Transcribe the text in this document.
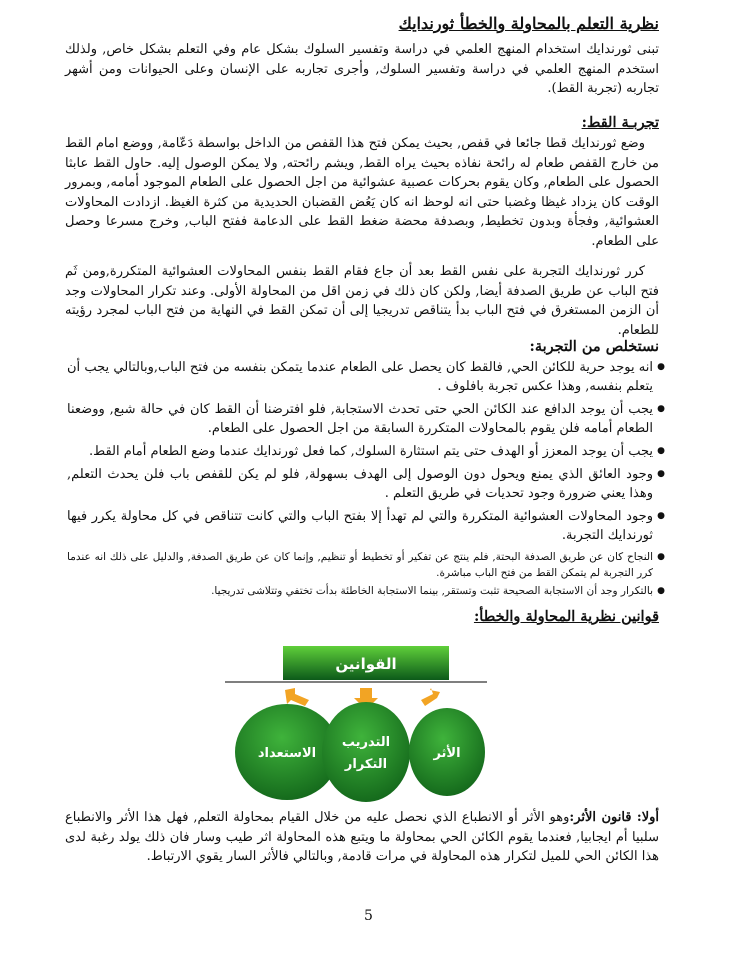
نظرية التعلم بالمحاولة والخطأ ثورندايك

تبنى ثورندايك استخدام المنهج العلمي في دراسة وتفسير السلوك بشكل عام وفي التعلم بشكل خاص, ولذلك استخدم المنهج العلمي في دراسة وتفسير السلوك, وأجرى تجاربه على الإنسان وعلى الحيوانات ومن أشهر تجاربه (تجربة القط).

تجربـة القط:

وضع ثورندايك قطا جائعا في قفص, بحيث يمكن فتح هذا القفص من الداخل بواسطة دَعّامة, ووضع امام القط من خارج القفص طعام له رائحة نفاذه بحيث يراه القط, ويشم رائحته, ولا يمكن الوصول إليه. حاول القط عابثا الحصول على الطعام, وكان يقوم بحركات عصبية عشوائية من اجل الحصول على الطعام الموجود أمامه, وبمرور الوقت كان يزداد غيظا وغضبا حتى انه لوحظ انه كان يَعُض القضبان الحديدية من كثرة الغيظ. ازدادت المحاولات العشوائية, وفجأة وبدون تخطيط, وبصدفة محضة ضغط القط على الدعامة ففتح الباب, وخرج مسرعا وحصل على الطعام.

كرر ثورندايك التجربة على نفس القط بعد أن جاع فقام القط بنفس المحاولات العشوائية المتكررة,ومن ثَم فتح الباب عن طريق الصدفة أيضا, ولكن كان ذلك في زمن اقل من المحاولة الأولى. وعند تكرار المحاولات وجد أن الزمن المستغرق في فتح الباب بدأ يتناقص تدريجيا إلى أن تمكن القط في النهاية من فتح الباب لمجرد رؤيته للطعام.

نستخلص من التجربة:
● انه يوجد حرية للكائن الحي, فالقط كان يحصل على الطعام عندما يتمكن بنفسه من فتح الباب,وبالتالي يجب أن يتعلم بنفسه, وهذا عكس تجربة بافلوف .
● يجب أن يوجد الدافع عند الكائن الحي حتى تحدث الاستجابة, فلو افترضنا أن القط كان في حالة شبع, ووضعنا الطعام أمامه فلن يقوم بالمحاولات المتكررة السابقة من اجل الحصول على الطعام.
● يجب أن يوجد المعزز أو الهدف حتى يتم استثارة السلوك, كما فعل ثورندايك عندما وضع الطعام أمام القط.
● وجود العائق الذي يمنع ويحول دون الوصول إلى الهدف بسهولة, فلو لم يكن للقفص باب فلن يحدث التعلم, وهذا يعني ضرورة وجود تحديات في طريق التعلم .
● وجود المحاولات العشوائية المتكررة والتي لم تهدأ إلا بفتح الباب والتي كانت تتناقص في كل محاولة يكرر فيها ثورندايك التجربة.
● النجاح كان عن طريق الصدفة البحتة, فلم ينتج عن تفكير أو تخطيط أو تنظيم, وإنما كان عن طريق الصدفة, والدليل على ذلك انه عندما كرر التجربة لم يتمكن القط من فتح الباب مباشرة.
● بالتكرار وجد أن الاستجابة الصحيحة تثبت وتستقر, بينما الاستجابة الخاطئة بدأت تختفي وتتلاشى تدريجيا.
قوانين نظرية المحاولة والخطأ:
القوانين
الاستعداد
التدريب
التكرار
الأثر

أولا: قانون الأثر:وهو الأثر أو الانطباع الذي نحصل عليه من خلال القيام بمحاولة التعلم, فهل هذا الأثر والانطباع سلبيا أم ايجابيا, فعندما يقوم الكائن الحي بمحاولة ما ويتبع هذه المحاولة اثر طيب وسار فان ذلك يولد رغبة لدى هذا الكائن الحي للميل لتكرار هذه المحاولة في مرات قادمة, وبالتالي فالأثر السار يقوي الارتباط.

5
